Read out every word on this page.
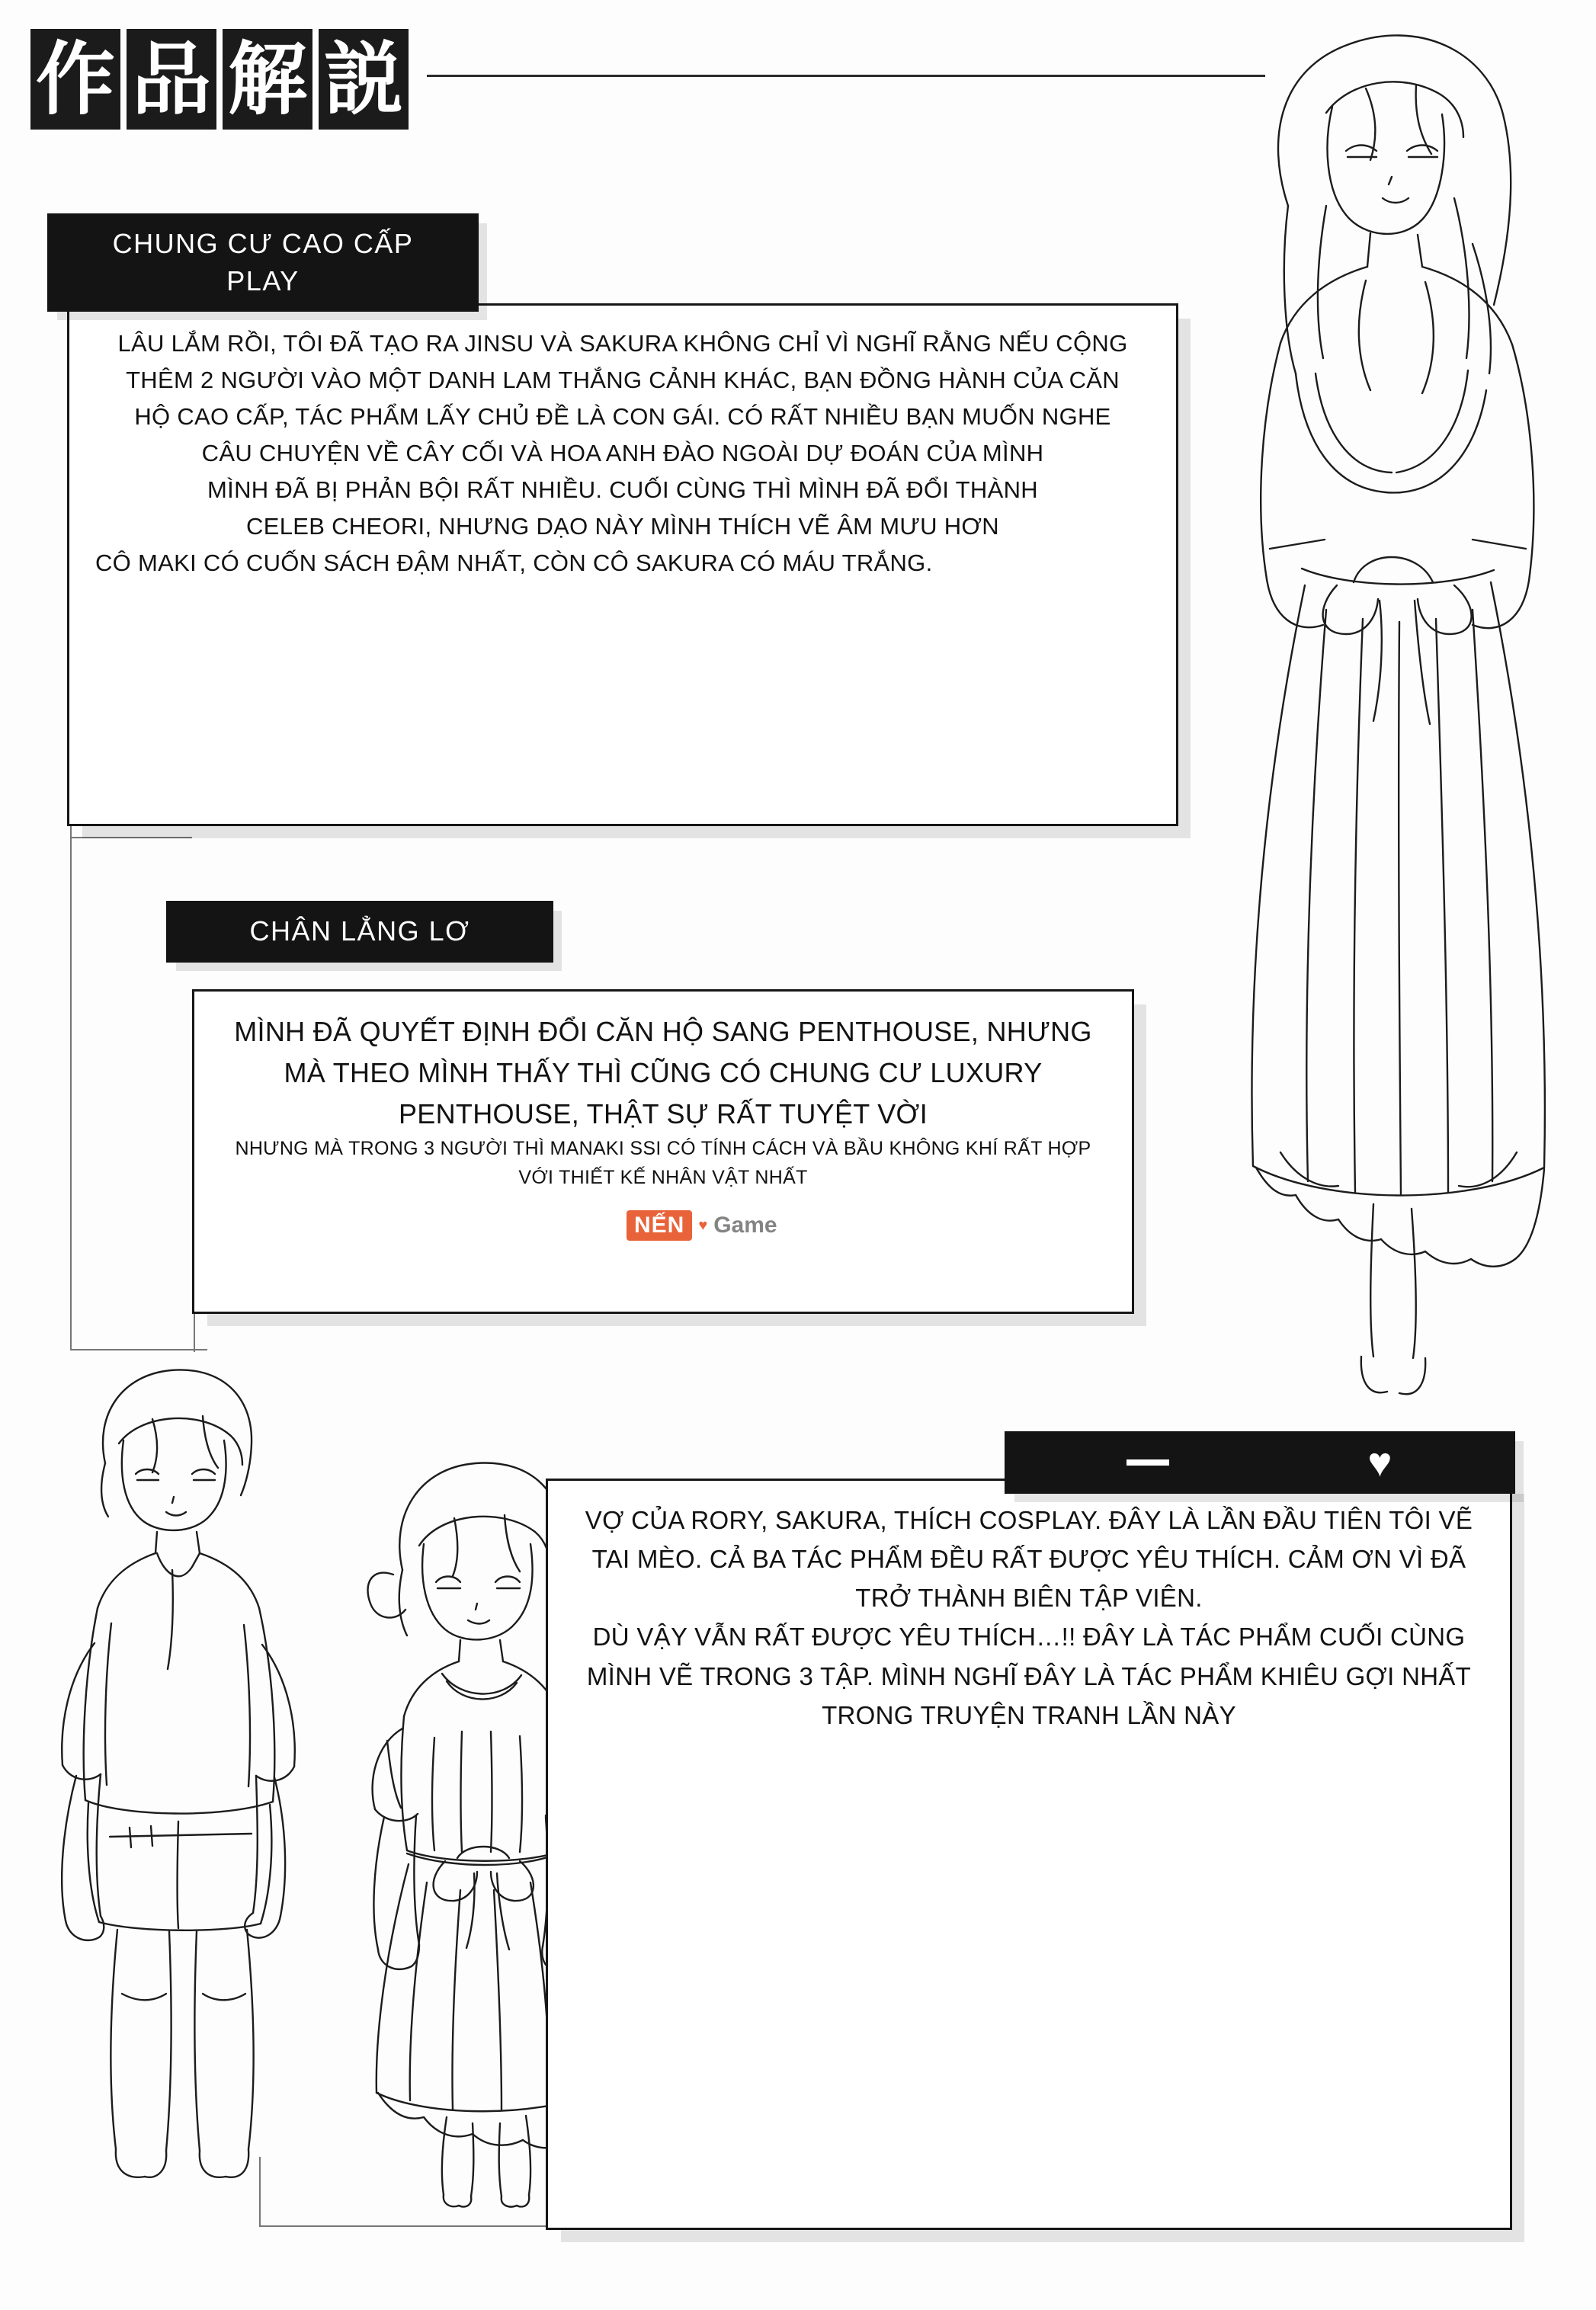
作 品 解 説
CHUNG CƯ CAO CẤP
PLAY

LÂU LẮM RỒI, TÔI ĐÃ TẠO RA JINSU VÀ SAKURA KHÔNG CHỈ VÌ NGHĨ RẰNG NẾU CỘNG THÊM 2 NGƯỜI VÀO MỘT DANH LAM THẮNG CẢNH KHÁC, BẠN ĐỒNG HÀNH CỦA CĂN HỘ CAO CẤP, TÁC PHẨM LẤY CHỦ ĐỀ LÀ CON GÁI. CÓ RẤT NHIỀU BẠN MUỐN NGHE CÂU CHUYỆN VỀ CÂY CỐI VÀ HOA ANH ĐÀO NGOÀI DỰ ĐOÁN CỦA MÌNH

MÌNH ĐÃ BỊ PHẢN BỘI RẤT NHIỀU. CUỐI CÙNG THÌ MÌNH ĐÃ ĐỔI THÀNH CELEB CHEORI, NHƯNG DẠO NÀY MÌNH THÍCH VẼ ÂM MƯU HƠN

CÔ MAKI CÓ CUỐN SÁCH ĐẬM NHẤT, CÒN CÔ SAKURA CÓ MÁU TRẮNG.

CHÂN LẲNG LƠ

MÌNH ĐÃ QUYẾT ĐỊNH ĐỔI CĂN HỘ SANG PENTHOUSE, NHƯNG MÀ THEO MÌNH THẤY THÌ CŨNG CÓ CHUNG CƯ LUXURY PENTHOUSE, THẬT SỰ RẤT TUYỆT VỜI

NHƯNG MÀ TRONG 3 NGƯỜI THÌ MANAKI SSI CÓ TÍNH CÁCH VÀ BẦU KHÔNG KHÍ RẤT HỢP VỚI THIẾT KẾ NHÂN VẬT NHẤT

♥

VỢ CỦA RORY, SAKURA, THÍCH COSPLAY. ĐÂY LÀ LẦN ĐẦU TIÊN TÔI VẼ TAI MÈO. CẢ BA TÁC PHẨM ĐỀU RẤT ĐƯỢC YÊU THÍCH. CẢM ƠN VÌ ĐÃ TRỞ THÀNH BIÊN TẬP VIÊN.

DÙ VẬY VẪN RẤT ĐƯỢC YÊU THÍCH…!! ĐÂY LÀ TÁC PHẨM CUỐI CÙNG MÌNH VẼ TRONG 3 TẬP. MÌNH NGHĨ ĐÂY LÀ TÁC PHẨM KHIÊU GỢI NHẤT TRONG TRUYỆN TRANH LẦN NÀY

NẾN ♥ Game
